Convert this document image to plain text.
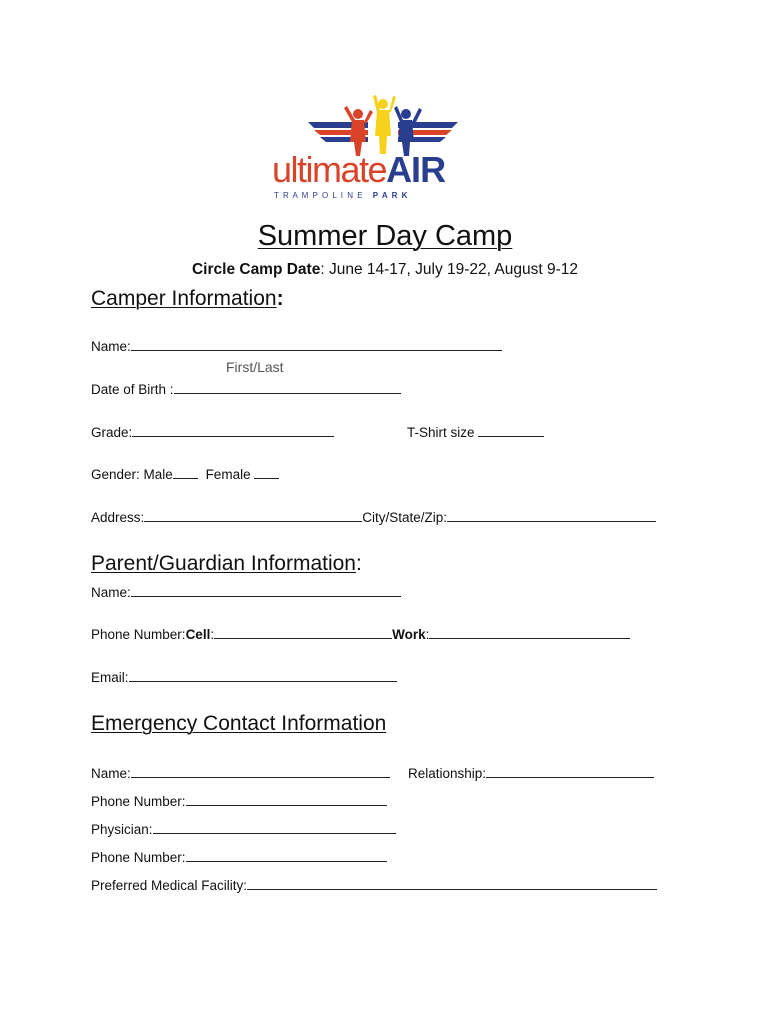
ultimateAIR
T R A M P O L I N E P A R K
Summer Day Camp
Circle Camp Date: June 14-17, July 19-22, August 9-12
Camper Information:
Name:
First/Last
Date of Birth :
Grade:	T-Shirt size
Gender: Male Female
Address:	City/State/Zip:
Parent/Guardian Information:
Name:
Phone Number:Cell:	Work:
Email:
Emergency Contact Information
Name:	Relationship:
Phone Number:
Physician:
Phone Number:
Preferred Medical Facility:
